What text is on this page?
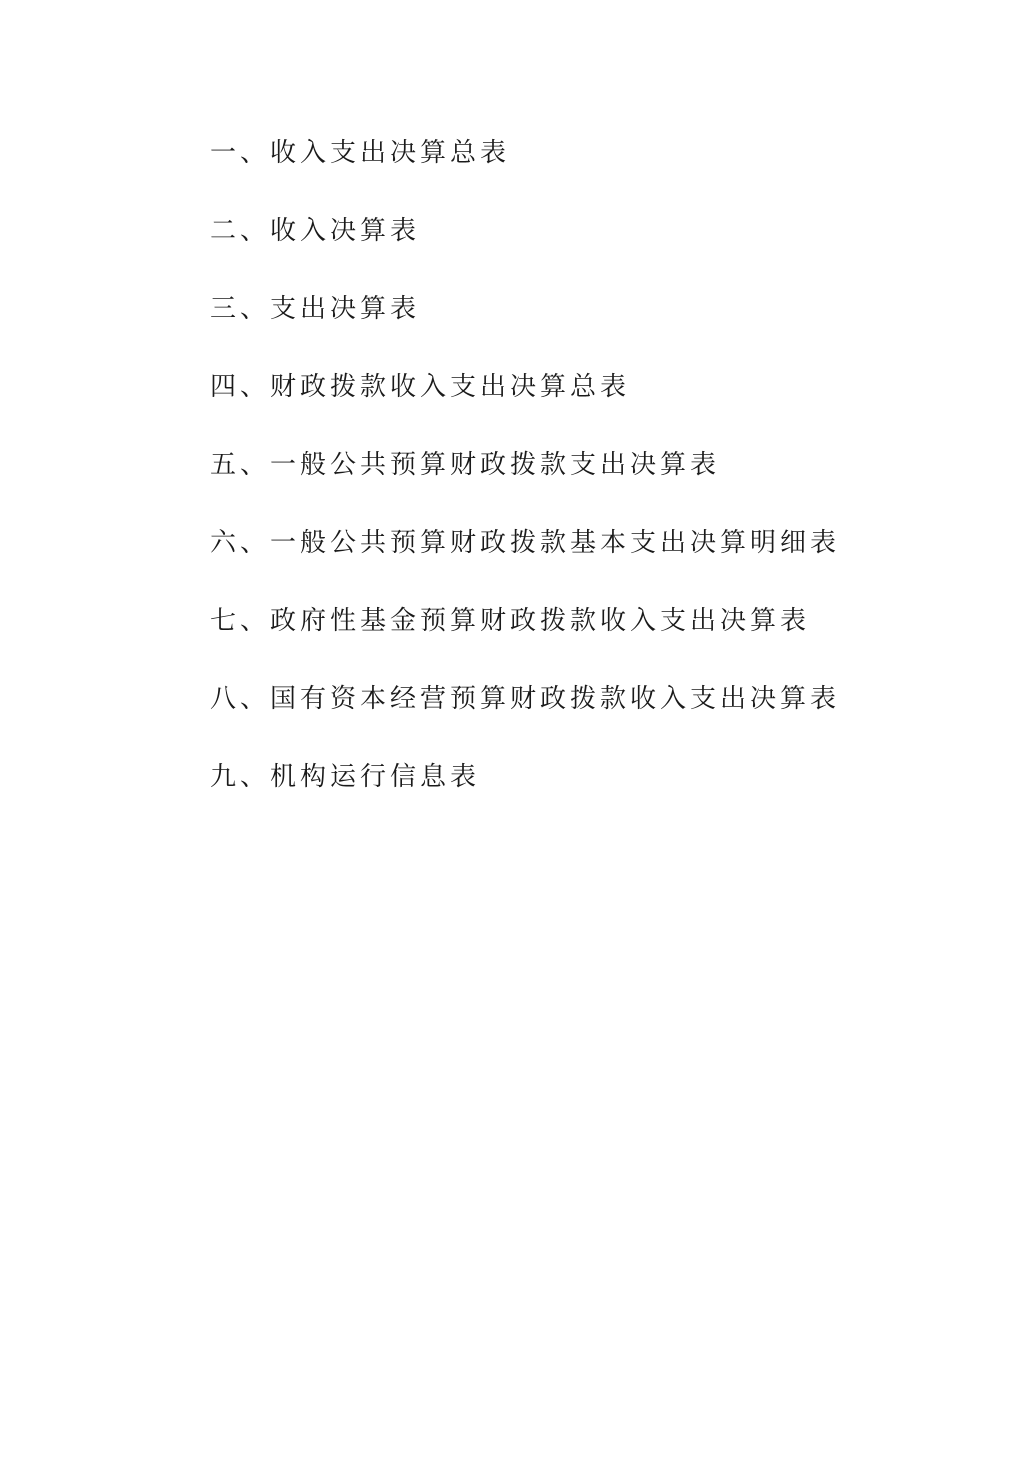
一、收入支出决算总表
二、收入决算表
三、支出决算表
四、财政拨款收入支出决算总表
五、一般公共预算财政拨款支出决算表
六、一般公共预算财政拨款基本支出决算明细表
七、政府性基金预算财政拨款收入支出决算表
八、国有资本经营预算财政拨款收入支出决算表
九、机构运行信息表
